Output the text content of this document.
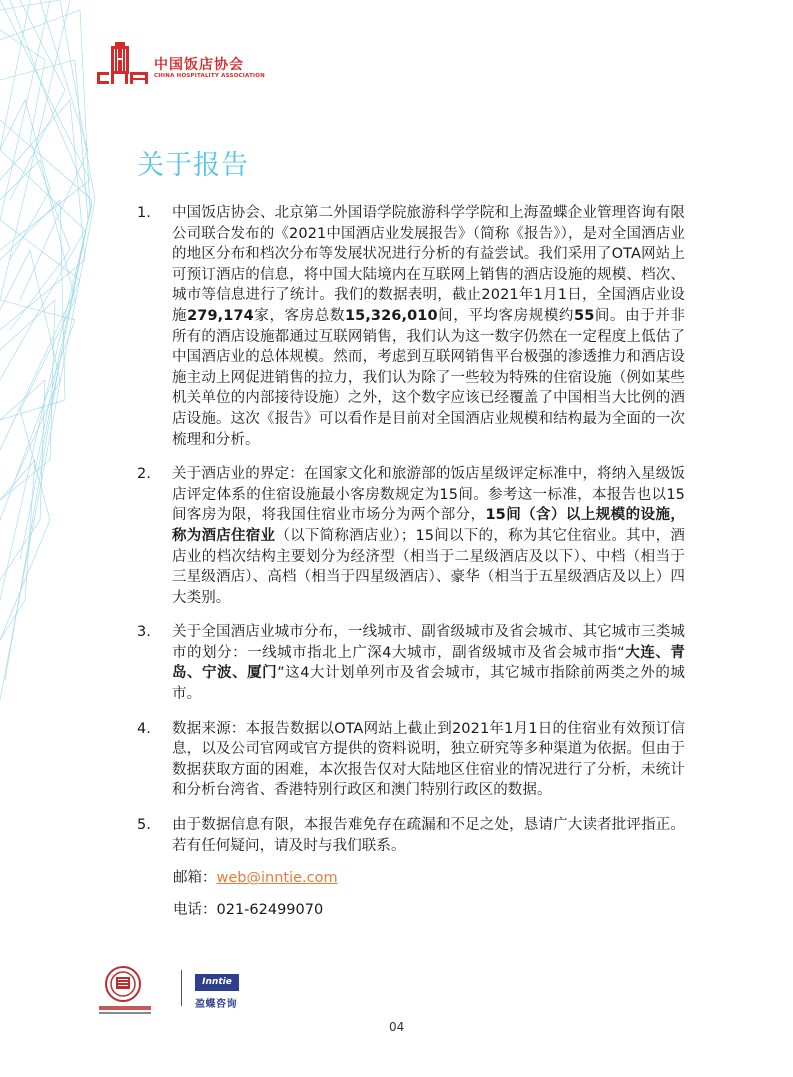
中国饭店协会
CHINA HOSPITALITY ASSOCIATION
关于报告
1.	中国饭店协会、北京第二外国语学院旅游科学学院和上海盈蝶企业管理咨询有限公司联合发布的《2021中国酒店业发展报告》（简称《报告》），是对全国酒店业的地区分布和档次分布等发展状况进行分析的有益尝试。我们采用了OTA网站上可预订酒店的信息，将中国大陆境内在互联网上销售的酒店设施的规模、档次、城市等信息进行了统计。我们的数据表明，截止2021年1月1日，全国酒店业设施279,174家，客房总数15,326,010间，平均客房规模约55间。由于并非所有的酒店设施都通过互联网销售，我们认为这一数字仍然在一定程度上低估了中国酒店业的总体规模。然而，考虑到互联网销售平台极强的渗透推力和酒店设施主动上网促进销售的拉力，我们认为除了一些较为特殊的住宿设施（例如某些机关单位的内部接待设施）之外，这个数字应该已经覆盖了中国相当大比例的酒店设施。这次《报告》可以看作是目前对全国酒店业规模和结构最为全面的一次梳理和分析。
2.	关于酒店业的界定：在国家文化和旅游部的饭店星级评定标准中，将纳入星级饭店评定体系的住宿设施最小客房数规定为15间。参考这一标准，本报告也以15间客房为限，将我国住宿业市场分为两个部分，15间（含）以上规模的设施，称为酒店住宿业（以下简称酒店业）；15间以下的，称为其它住宿业。其中，酒店业的档次结构主要划分为经济型（相当于二星级酒店及以下）、中档（相当于三星级酒店）、高档（相当于四星级酒店）、豪华（相当于五星级酒店及以上）四大类别。
3.	关于全国酒店业城市分布，一线城市、副省级城市及省会城市、其它城市三类城市的划分：一线城市指北上广深4大城市，副省级城市及省会城市指“大连、青岛、宁波、厦门”这4大计划单列市及省会城市，其它城市指除前两类之外的城市。
4.	数据来源：本报告数据以OTA网站上截止到2021年1月1日的住宿业有效预订信息，以及公司官网或官方提供的资料说明，独立研究等多种渠道为依据。但由于数据获取方面的困难，本次报告仅对大陆地区住宿业的情况进行了分析，未统计和分析台湾省、香港特别行政区和澳门特别行政区的数据。
5.	由于数据信息有限，本报告难免存在疏漏和不足之处，恳请广大读者批评指正。若有任何疑问，请及时与我们联系。
邮箱：web@inntie.com
电话：021-62499070
Inntie
盈蝶咨询
04
